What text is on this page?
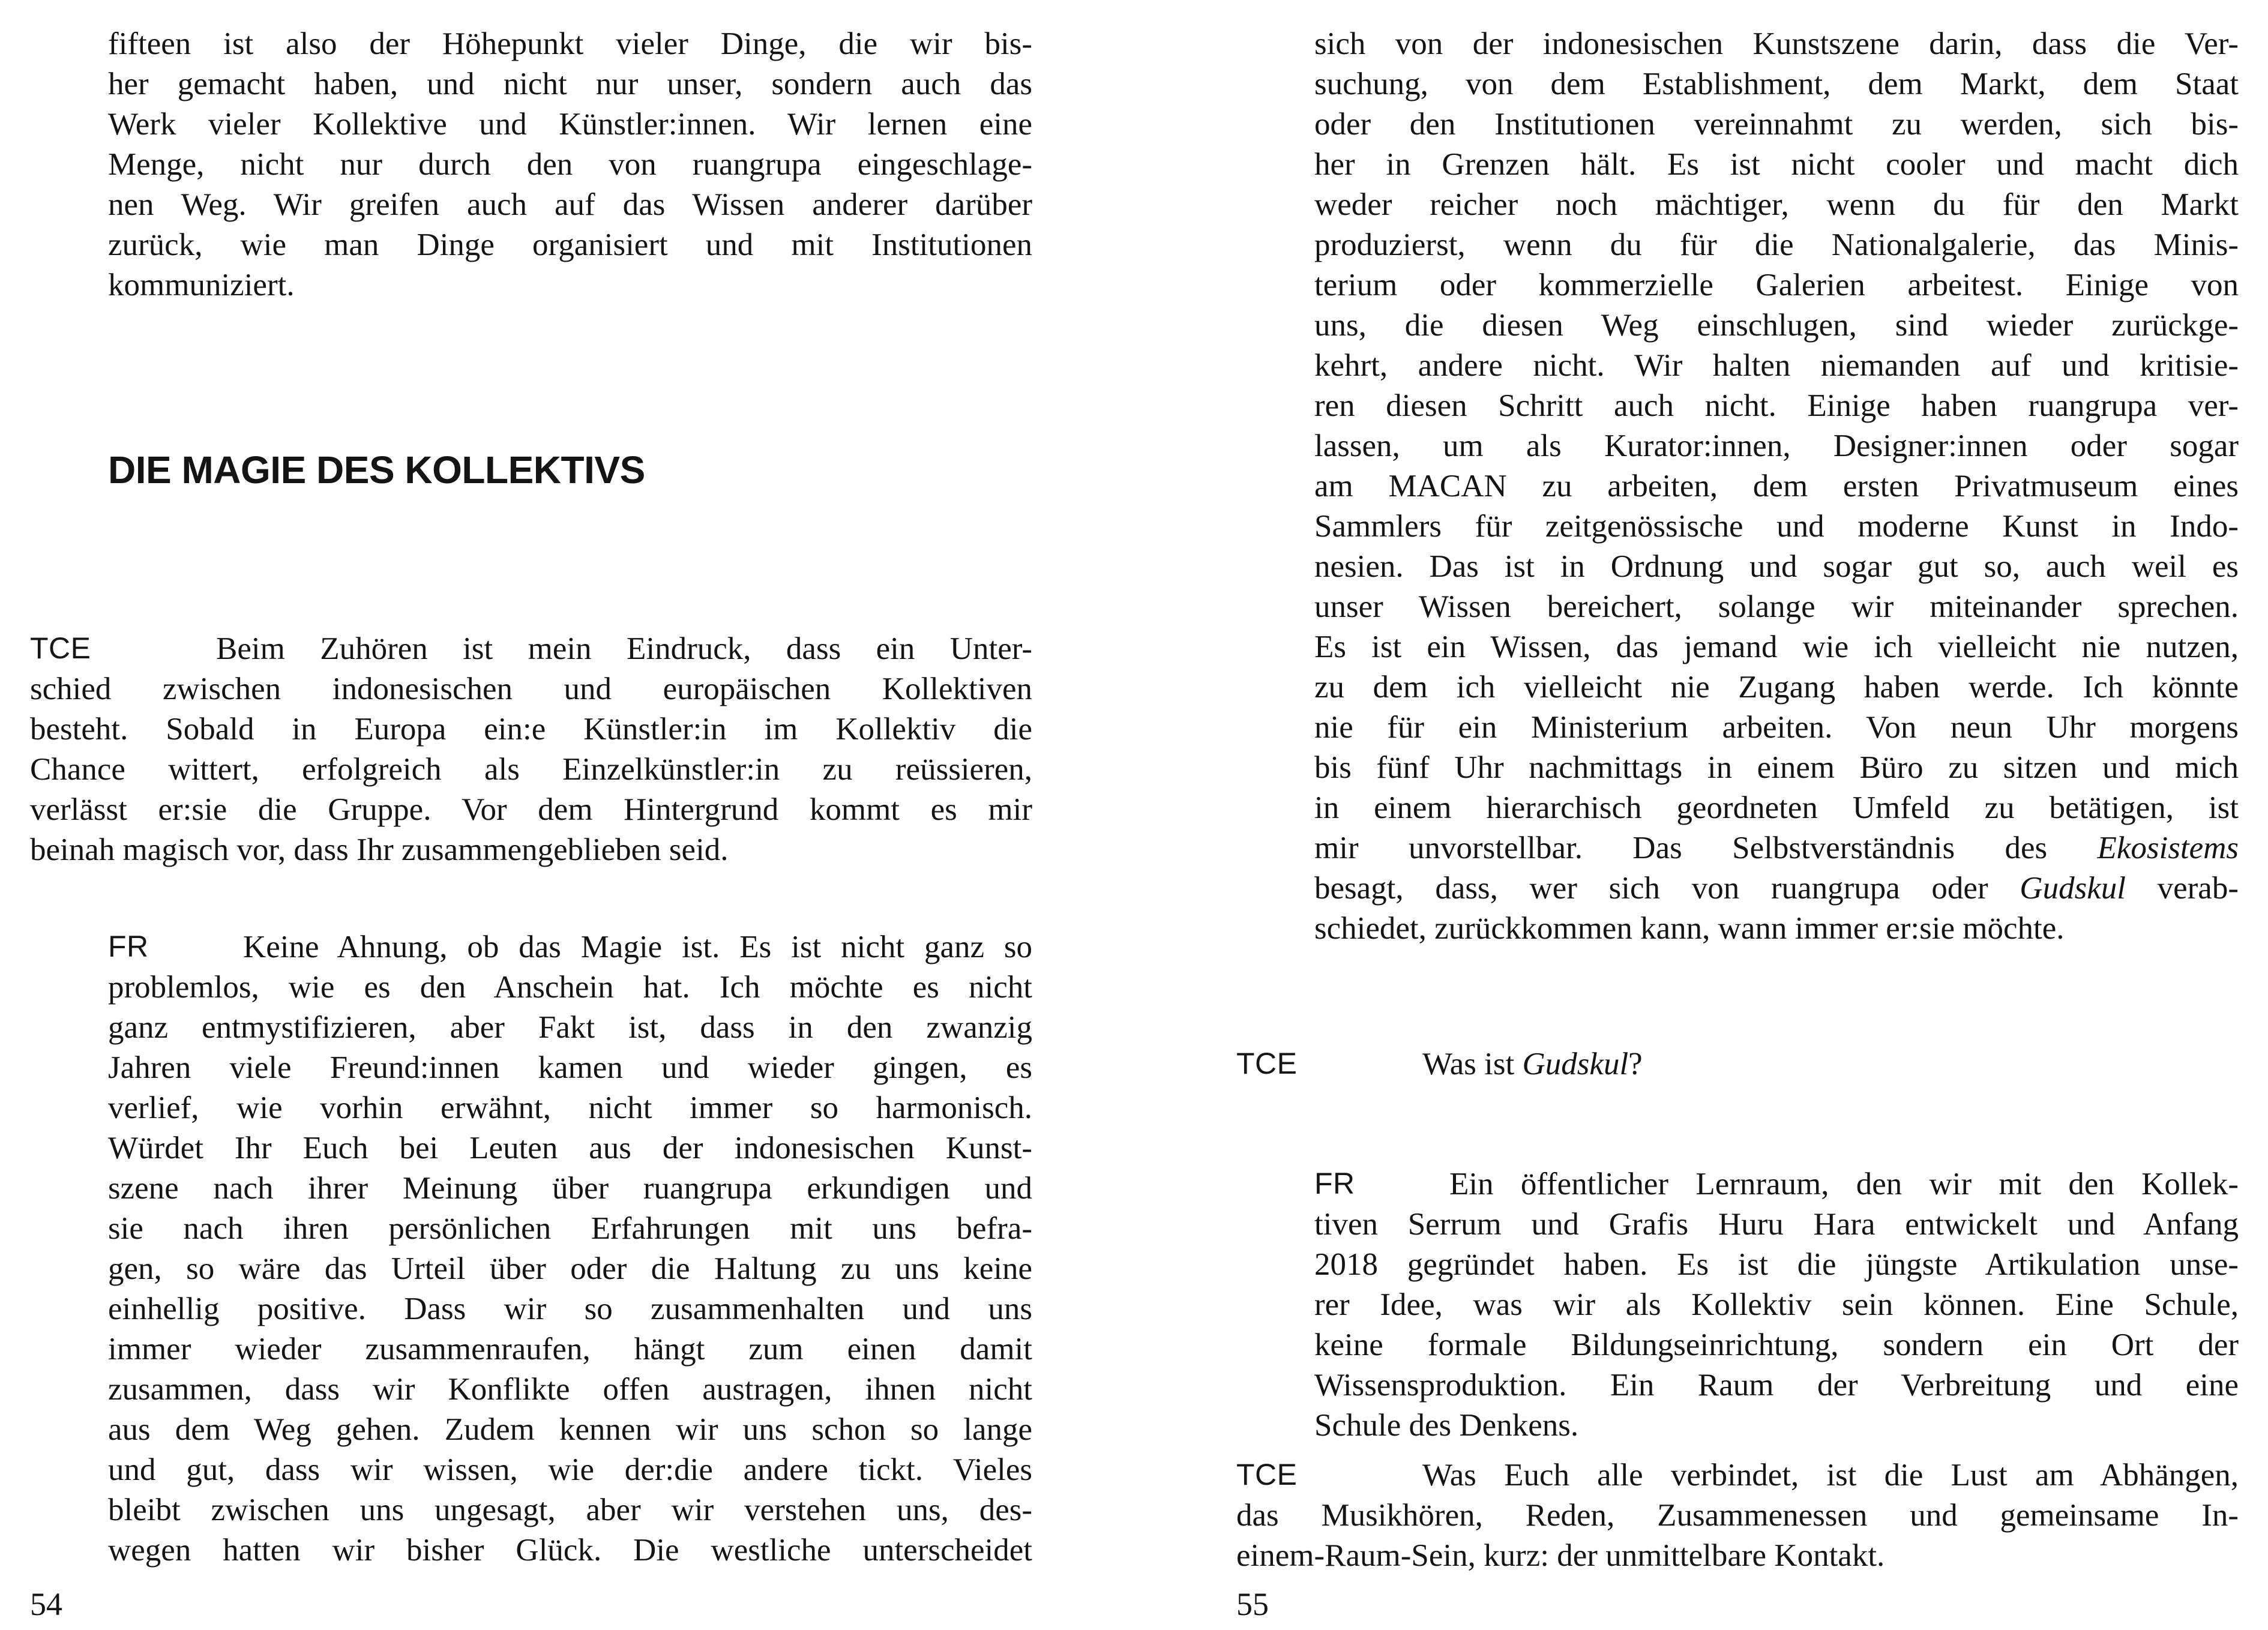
fifteen ist also der Höhepunkt vieler Dinge, die wir bis-
her gemacht haben, und nicht nur unser, sondern auch das
Werk vieler Kollektive und Künstler:innen. Wir lernen eine
Menge, nicht nur durch den von ruangrupa eingeschlage-
nen Weg. Wir greifen auch auf das Wissen anderer darüber
zurück, wie man Dinge organisiert und mit Institutionen
kommuniziert.
DIE MAGIE DES KOLLEKTIVS
TCE	Beim Zuhören ist mein Eindruck, dass ein Unter-
schied zwischen indonesischen und europäischen Kollektiven
besteht. Sobald in Europa ein:e Künstler:in im Kollektiv die
Chance wittert, erfolgreich als Einzelkünstler:in zu reüssieren,
verlässt er:sie die Gruppe. Vor dem Hintergrund kommt es mir
beinah magisch vor, dass Ihr zusammengeblieben seid.
FR	Keine Ahnung, ob das Magie ist. Es ist nicht ganz so
problemlos, wie es den Anschein hat. Ich möchte es nicht
ganz entmystifizieren, aber Fakt ist, dass in den zwanzig
Jahren viele Freund:innen kamen und wieder gingen, es
verlief, wie vorhin erwähnt, nicht immer so harmonisch.
Würdet Ihr Euch bei Leuten aus der indonesischen Kunst-
szene nach ihrer Meinung über ruangrupa erkundigen und
sie nach ihren persönlichen Erfahrungen mit uns befra-
gen, so wäre das Urteil über oder die Haltung zu uns keine
einhellig positive. Dass wir so zusammenhalten und uns
immer wieder zusammenraufen, hängt zum einen damit
zusammen, dass wir Konflikte offen austragen, ihnen nicht
aus dem Weg gehen. Zudem kennen wir uns schon so lange
und gut, dass wir wissen, wie der:die andere tickt. Vieles
bleibt zwischen uns ungesagt, aber wir verstehen uns, des-
wegen hatten wir bisher Glück. Die westliche unterscheidet
54
sich von der indonesischen Kunstszene darin, dass die Ver-
suchung, von dem Establishment, dem Markt, dem Staat
oder den Institutionen vereinnahmt zu werden, sich bis-
her in Grenzen hält. Es ist nicht cooler und macht dich
weder reicher noch mächtiger, wenn du für den Markt
produzierst, wenn du für die Nationalgalerie, das Minis-
terium oder kommerzielle Galerien arbeitest. Einige von
uns, die diesen Weg einschlugen, sind wieder zurückge-
kehrt, andere nicht. Wir halten niemanden auf und kritisie-
ren diesen Schritt auch nicht. Einige haben ruangrupa ver-
lassen, um als Kurator:innen, Designer:innen oder sogar
am MACAN zu arbeiten, dem ersten Privatmuseum eines
Sammlers für zeitgenössische und moderne Kunst in Indo-
nesien. Das ist in Ordnung und sogar gut so, auch weil es
unser Wissen bereichert, solange wir miteinander sprechen.
Es ist ein Wissen, das jemand wie ich vielleicht nie nutzen,
zu dem ich vielleicht nie Zugang haben werde. Ich könnte
nie für ein Ministerium arbeiten. Von neun Uhr morgens
bis fünf Uhr nachmittags in einem Büro zu sitzen und mich
in einem hierarchisch geordneten Umfeld zu betätigen, ist
mir unvorstellbar. Das Selbstverständnis des Ekosistems
besagt, dass, wer sich von ruangrupa oder Gudskul verab-
schiedet, zurückkommen kann, wann immer er:sie möchte.
TCE	Was ist Gudskul?
FR	Ein öffentlicher Lernraum, den wir mit den Kollek-
tiven Serrum und Grafis Huru Hara entwickelt und Anfang
2018 gegründet haben. Es ist die jüngste Artikulation unse-
rer Idee, was wir als Kollektiv sein können. Eine Schule,
keine formale Bildungseinrichtung, sondern ein Ort der
Wissensproduktion. Ein Raum der Verbreitung und eine
Schule des Denkens.
TCE	Was Euch alle verbindet, ist die Lust am Abhängen,
das Musikhören, Reden, Zusammenessen und gemeinsame In-
einem-Raum-Sein, kurz: der unmittelbare Kontakt.
55
